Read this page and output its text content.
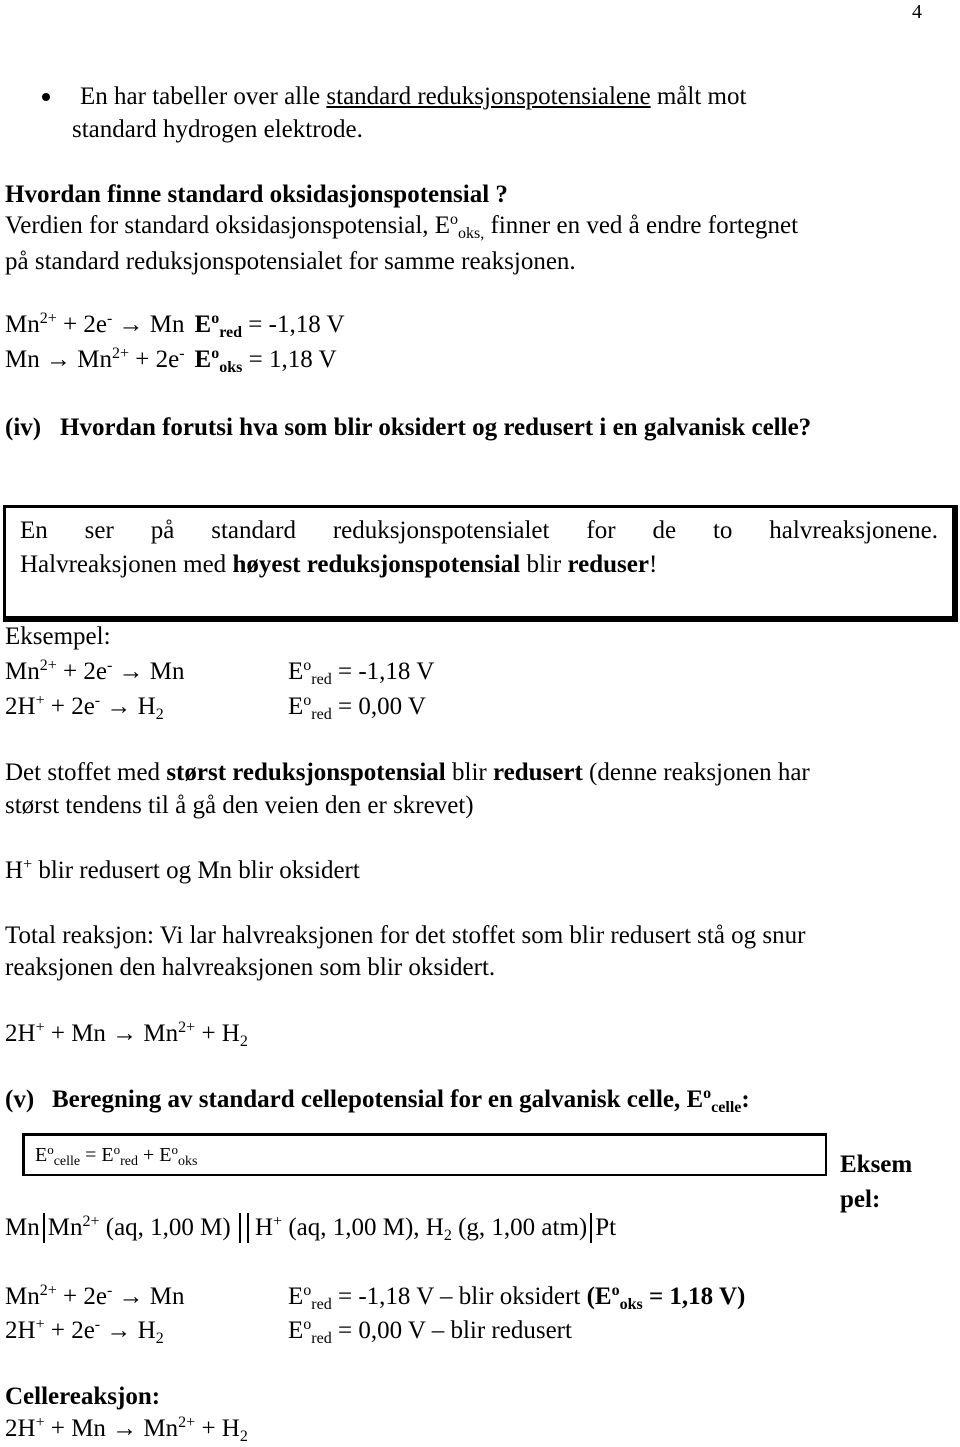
4
En har tabeller over alle standard reduksjonspotensialene målt mot
standard hydrogen elektrode.
Hvordan finne standard oksidasjonspotensial ?
Verdien for standard oksidasjonspotensial, $E^o_{oks,}$ finner en ved å endre fortegnet
på standard reduksjonspotensialet for samme reaksjonen.
$Mn^{2+} + 2e^- \to Mn$ $E^o_{red} = -1,18$ V
$Mn \to Mn^{2+} + 2e^-$ $E^o_{oks} = 1,18$ V
(iv) Hvordan forutsi hva som blir oksidert og redusert i en galvanisk celle?
En ser på standard reduksjonspotensialet for de to halvreaksjonene.
Halvreaksjonen med høyest reduksjonspotensial blir reduser!
Eksempel:
$Mn^{2+} + 2e^- \to Mn$	$E^o_{red} = -1,18$ V
$2H^+ + 2e^- \to H_2$	$E^o_{red} = 0,00$ V
Det stoffet med størst reduksjonspotensial blir redusert (denne reaksjonen har
størst tendens til å gå den veien den er skrevet)
H+ blir redusert og Mn blir oksidert
Total reaksjon: Vi lar halvreaksjonen for det stoffet som blir redusert stå og snur
reaksjonen den halvreaksjonen som blir oksidert.
$2H^+ + Mn \to Mn^{2+} + H_2$
(v) Beregning av standard cellepotensial for en galvanisk celle, $E^o_{celle}$:
$E^o_{celle} = E^o_{red} + E^o_{oks}$	Eksem
pel:
Mn $Mn^{2+}$ (aq, 1,00 M) H+ (aq, 1,00 M), $H_2$ (g, 1,00 atm) Pt
$Mn^{2+} + 2e^- \to Mn$	$E^o_{red} = -1,18$ V – blir oksidert ($E^o_{oks} = 1,18$ V)
$2H^+ + 2e^- \to H_2$	$E^o_{red} = 0,00$ V – blir redusert
Cellereaksjon:
$2H^+ + Mn \to Mn^{2+} + H_2$
